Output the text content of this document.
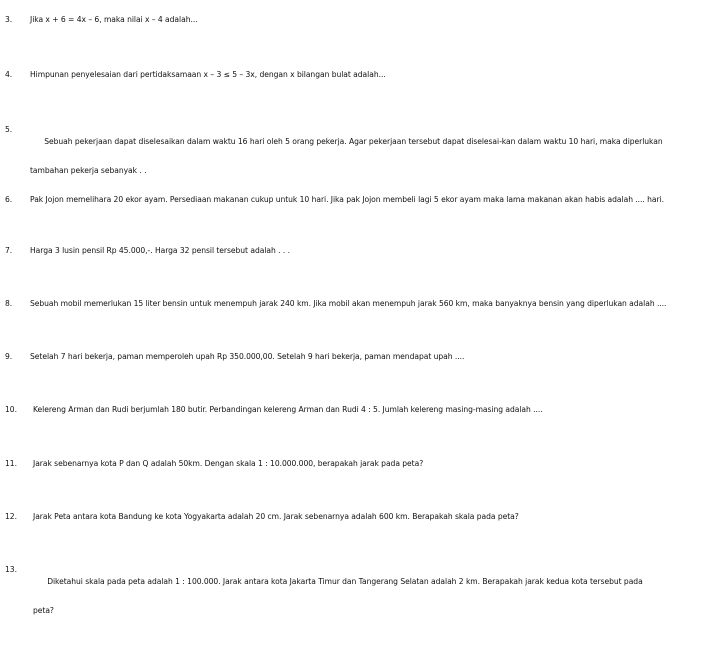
3. Jika x + 6 = 4x – 6, maka nilai x – 4 adalah...
4. Himpunan penyelesaian dari pertidaksamaan x – 3 ≤ 5 – 3x, dengan x bilangan bulat adalah...
5.

Sebuah pekerjaan dapat diselesaikan dalam waktu 16 hari oleh 5 orang pekerja. Agar pekerjaan tersebut dapat diselesai-kan dalam waktu 10 hari, maka diperlukan

tambahan pekerja sebanyak . .

6. Pak Jojon memelihara 20 ekor ayam. Persediaan makanan cukup untuk 10 hari. Jika pak Jojon membeli lagi 5 ekor ayam maka lama makanan akan habis adalah .... hari.
7. Harga 3 lusin pensil Rp 45.000,-. Harga 32 pensil tersebut adalah . . .
8. Sebuah mobil memerlukan 15 liter bensin untuk menempuh jarak 240 km. Jika mobil akan menempuh jarak 560 km, maka banyaknya bensin yang diperlukan adalah ....
9. Setelah 7 hari bekerja, paman memperoleh upah Rp 350.000,00. Setelah 9 hari bekerja, paman mendapat upah ....
10. Kelereng Arman dan Rudi berjumlah 180 butir. Perbandingan kelereng Arman dan Rudi 4 : 5. Jumlah kelereng masing-masing adalah ....
11. Jarak sebenarnya kota P dan Q adalah 50km. Dengan skala 1 : 10.000.000, berapakah jarak pada peta?
12. Jarak Peta antara kota Bandung ke kota Yogyakarta adalah 20 cm. Jarak sebenarnya adalah 600 km. Berapakah skala pada peta?
13.

Diketahui skala pada peta adalah 1 : 100.000. Jarak antara kota Jakarta Timur dan Tangerang Selatan adalah 2 km. Berapakah jarak kedua kota tersebut pada

peta?
